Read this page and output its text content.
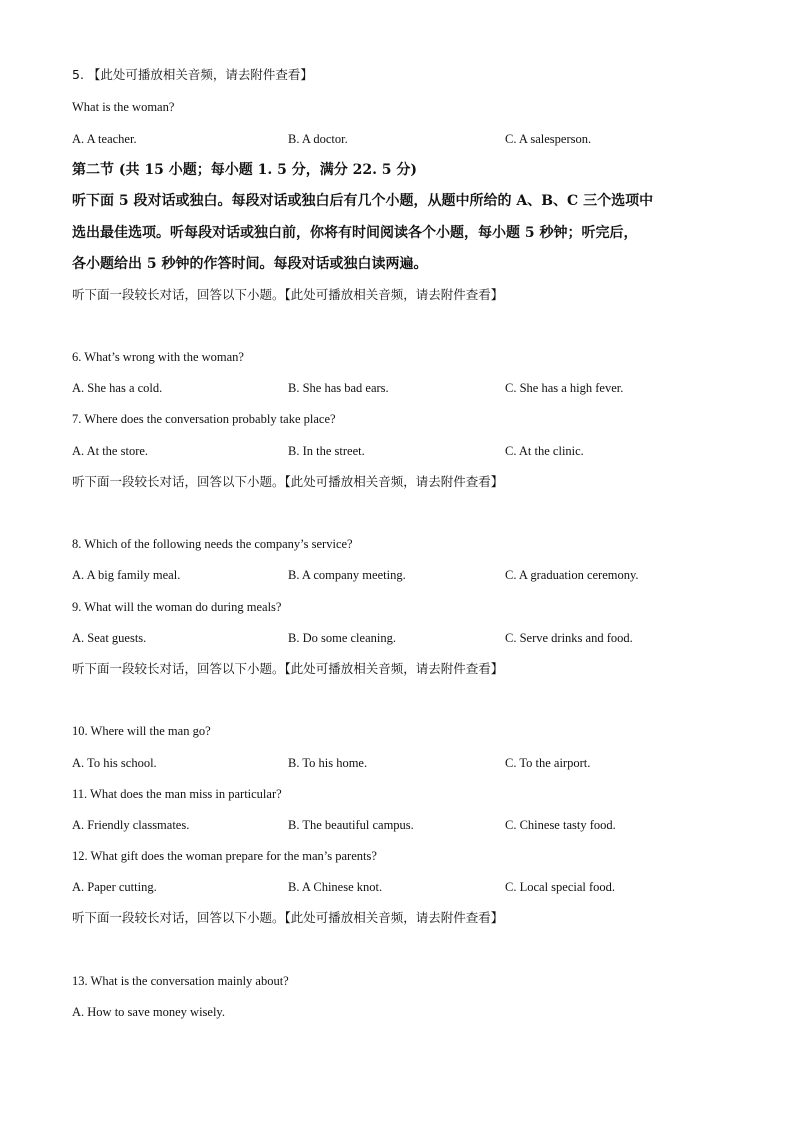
5. 【此处可播放相关音频，请去附件查看】
What is the woman?
A. A teacher.	B. A doctor.	C. A salesperson.
第二节 (共 15 小题；每小题 1. 5 分，满分 22. 5 分)
听下面 5 段对话或独白。每段对话或独白后有几个小题，从题中所给的 A、B、C 三个选项中
选出最佳选项。听每段对话或独白前，你将有时间阅读各个小题，每小题 5 秒钟；听完后，
各小题给出 5 秒钟的作答时间。每段对话或独白读两遍。
听下面一段较长对话，回答以下小题。【此处可播放相关音频，请去附件查看】
6. What’s wrong with the woman?
A. She has a cold.	B. She has bad ears.	C. She has a high fever.
7. Where does the conversation probably take place?
A. At the store.	B. In the street.	C. At the clinic.
听下面一段较长对话，回答以下小题。【此处可播放相关音频，请去附件查看】
8. Which of the following needs the company’s service?
A. A big family meal.	B. A company meeting.	C. A graduation ceremony.
9. What will the woman do during meals?
A. Seat guests.	B. Do some cleaning.	C. Serve drinks and food.
听下面一段较长对话，回答以下小题。【此处可播放相关音频，请去附件查看】
10. Where will the man go?
A. To his school.	B. To his home.	C. To the airport.
11. What does the man miss in particular?
A. Friendly classmates.	B. The beautiful campus.	C. Chinese tasty food.
12. What gift does the woman prepare for the man’s parents?
A. Paper cutting.	B. A Chinese knot.	C. Local special food.
听下面一段较长对话，回答以下小题。【此处可播放相关音频，请去附件查看】
13. What is the conversation mainly about?
A. How to save money wisely.
